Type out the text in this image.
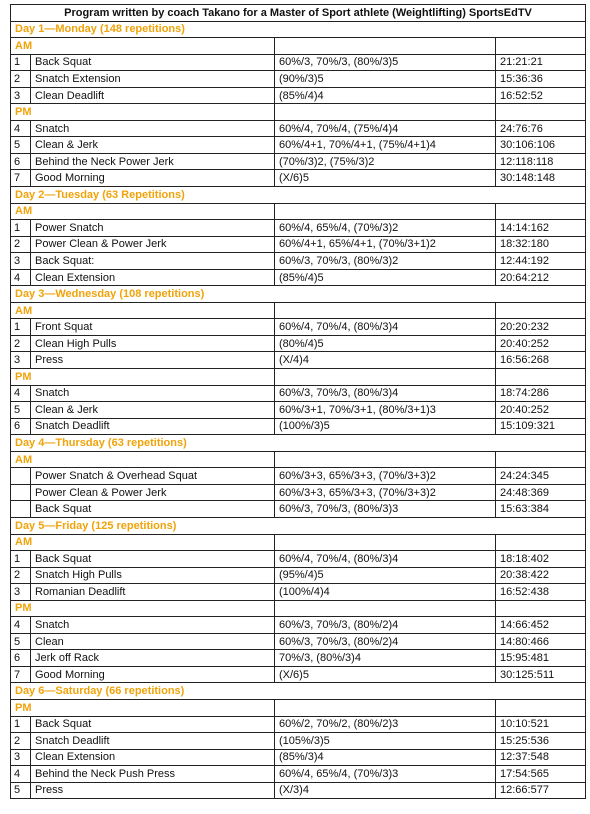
Program written by coach Takano for a Master of Sport athlete (Weightlifting) SportsEdTV			
Day 1—Monday (148 repetitions)			
AM			
1	Back Squat	60%/3, 70%/3, (80%/3)5	21:21:21
2	Snatch Extension	(90%/3)5	15:36:36
3	Clean Deadlift	(85%/4)4	16:52:52
PM			
4	Snatch	60%/4, 70%/4, (75%/4)4	24:76:76
5	Clean & Jerk	60%/4+1, 70%/4+1, (75%/4+1)4	30:106:106
6	Behind the Neck Power Jerk	(70%/3)2, (75%/3)2	12:118:118
7	Good Morning	(X/6)5	30:148:148
Day 2—Tuesday (63 Repetitions)			
AM			
1	Power Snatch	60%/4, 65%/4, (70%/3)2	14:14:162
2	Power Clean & Power Jerk	60%/4+1, 65%/4+1, (70%/3+1)2	18:32:180
3	Back Squat:	60%/3, 70%/3, (80%/3)2	12:44:192
4	Clean Extension	(85%/4)5	20:64:212
Day 3—Wednesday (108 repetitions)			
AM			
1	Front Squat	60%/4, 70%/4, (80%/3)4	20:20:232
2	Clean High Pulls	(80%/4)5	20:40:252
3	Press	(X/4)4	16:56:268
PM			
4	Snatch	60%/3, 70%/3, (80%/3)4	18:74:286
5	Clean & Jerk	60%/3+1, 70%/3+1, (80%/3+1)3	20:40:252
6	Snatch Deadlift	(100%/3)5	15:109:321
Day 4—Thursday (63 repetitions)			
AM			
	Power Snatch & Overhead Squat	60%/3+3, 65%/3+3, (70%/3+3)2	24:24:345
	Power Clean & Power Jerk	60%/3+3, 65%/3+3, (70%/3+3)2	24:48:369
	Back Squat	60%/3, 70%/3, (80%/3)3	15:63:384
Day 5—Friday (125 repetitions)			
AM			
1	Back Squat	60%/4, 70%/4, (80%/3)4	18:18:402
2	Snatch High Pulls	(95%/4)5	20:38:422
3	Romanian Deadlift	(100%/4)4	16:52:438
PM			
4	Snatch	60%/3, 70%/3, (80%/2)4	14:66:452
5	Clean	60%/3, 70%/3, (80%/2)4	14:80:466
6	Jerk off Rack	70%/3, (80%/3)4	15:95:481
7	Good Morning	(X/6)5	30:125:511
Day 6—Saturday (66 repetitions)			
PM			
1	Back Squat	60%/2, 70%/2, (80%/2)3	10:10:521
2	Snatch Deadlift	(105%/3)5	15:25:536
3	Clean Extension	(85%/3)4	12:37:548
4	Behind the Neck Push Press	60%/4, 65%/4, (70%/3)3	17:54:565
5	Press	(X/3)4	12:66:577
